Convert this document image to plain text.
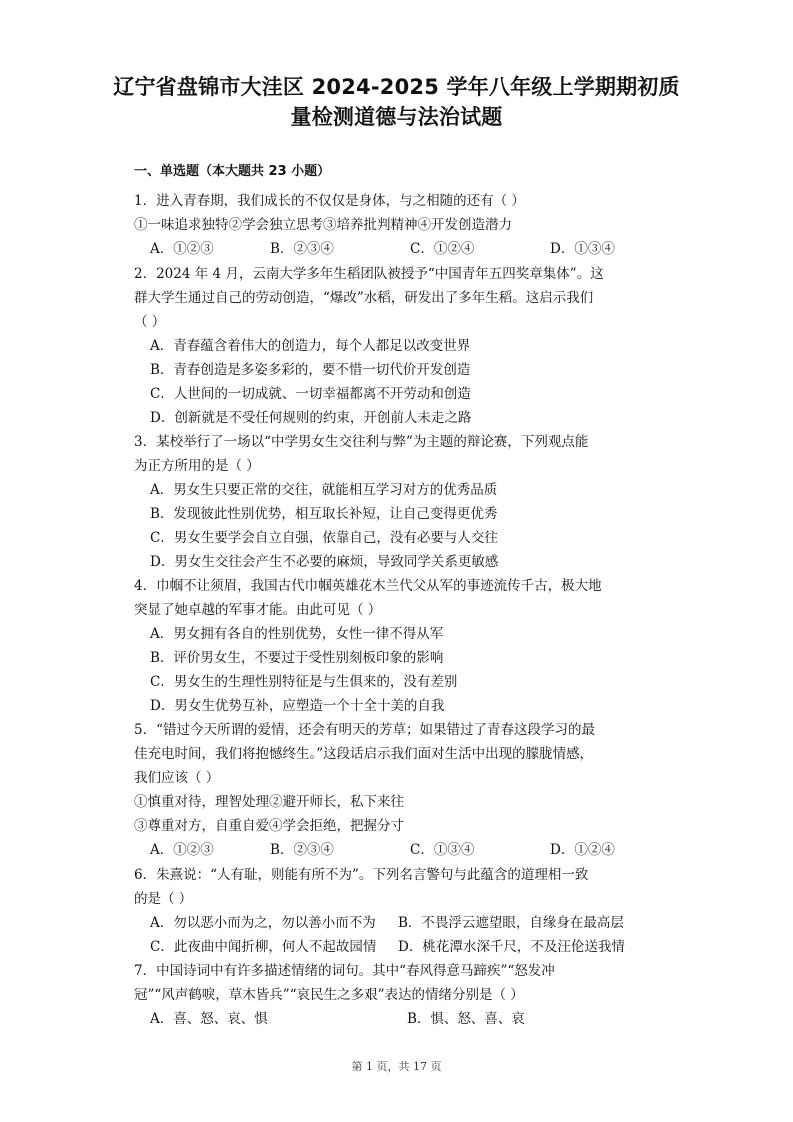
辽宁省盘锦市大洼区 2024-2025 学年八年级上学期期初质
量检测道德与法治试题
一、单选题（本大题共 23 小题）
1．进入青春期，我们成长的不仅仅是身体，与之相随的还有（ ）
①一味追求独特②学会独立思考③培养批判精神④开发创造潜力
A．①②③	B．②③④	C．①②④	D．①③④
2．2024 年 4 月，云南大学多年生稻团队被授予“中国青年五四奖章集体”。这
群大学生通过自己的劳动创造，“爆改”水稻，研发出了多年生稻。这启示我们
（ ）
A．青春蕴含着伟大的创造力，每个人都足以改变世界
B．青春创造是多姿多彩的，要不惜一切代价开发创造
C．人世间的一切成就、一切幸福都离不开劳动和创造
D．创新就是不受任何规则的约束，开创前人未走之路
3．某校举行了一场以“中学男女生交往利与弊”为主题的辩论赛，下列观点能
为正方所用的是（ ）
A．男女生只要正常的交往，就能相互学习对方的优秀品质
B．发现彼此性别优势，相互取长补短，让自己变得更优秀
C．男女生要学会自立自强，依靠自己，没有必要与人交往
D．男女生交往会产生不必要的麻烦，导致同学关系更敏感
4．巾帼不让须眉，我国古代巾帼英雄花木兰代父从军的事迹流传千古，极大地
突显了她卓越的军事才能。由此可见（ ）
A．男女拥有各自的性别优势，女性一律不得从军
B．评价男女生，不要过于受性别刻板印象的影响
C．男女生的生理性别特征是与生俱来的，没有差别
D．男女生优势互补，应塑造一个十全十美的自我
5．“错过今天所谓的爱情，还会有明天的芳草；如果错过了青春这段学习的最
佳充电时间，我们将抱憾终生。”这段话启示我们面对生活中出现的朦胧情感，
我们应该（ ）
①慎重对待，理智处理②避开师长，私下来往
③尊重对方，自重自爱④学会拒绝，把握分寸
A．①②③	B．②③④	C．①③④	D．①②④
6．朱熹说：“人有耻，则能有所不为”。下列名言警句与此蕴含的道理相一致
的是（ ）
A．勿以恶小而为之，勿以善小而不为 B．不畏浮云遮望眼，自缘身在最高层
C．此夜曲中闻折柳，何人不起故园情 D．桃花潭水深千尺，不及汪伦送我情
7．中国诗词中有许多描述情绪的词句。其中“春风得意马蹄疾”“怒发冲
冠”“风声鹤唳，草木皆兵”“哀民生之多艰”表达的情绪分别是（ ）
A．喜、怒、哀、惧	B．惧、怒、喜、哀
第 1 页，共 17 页
